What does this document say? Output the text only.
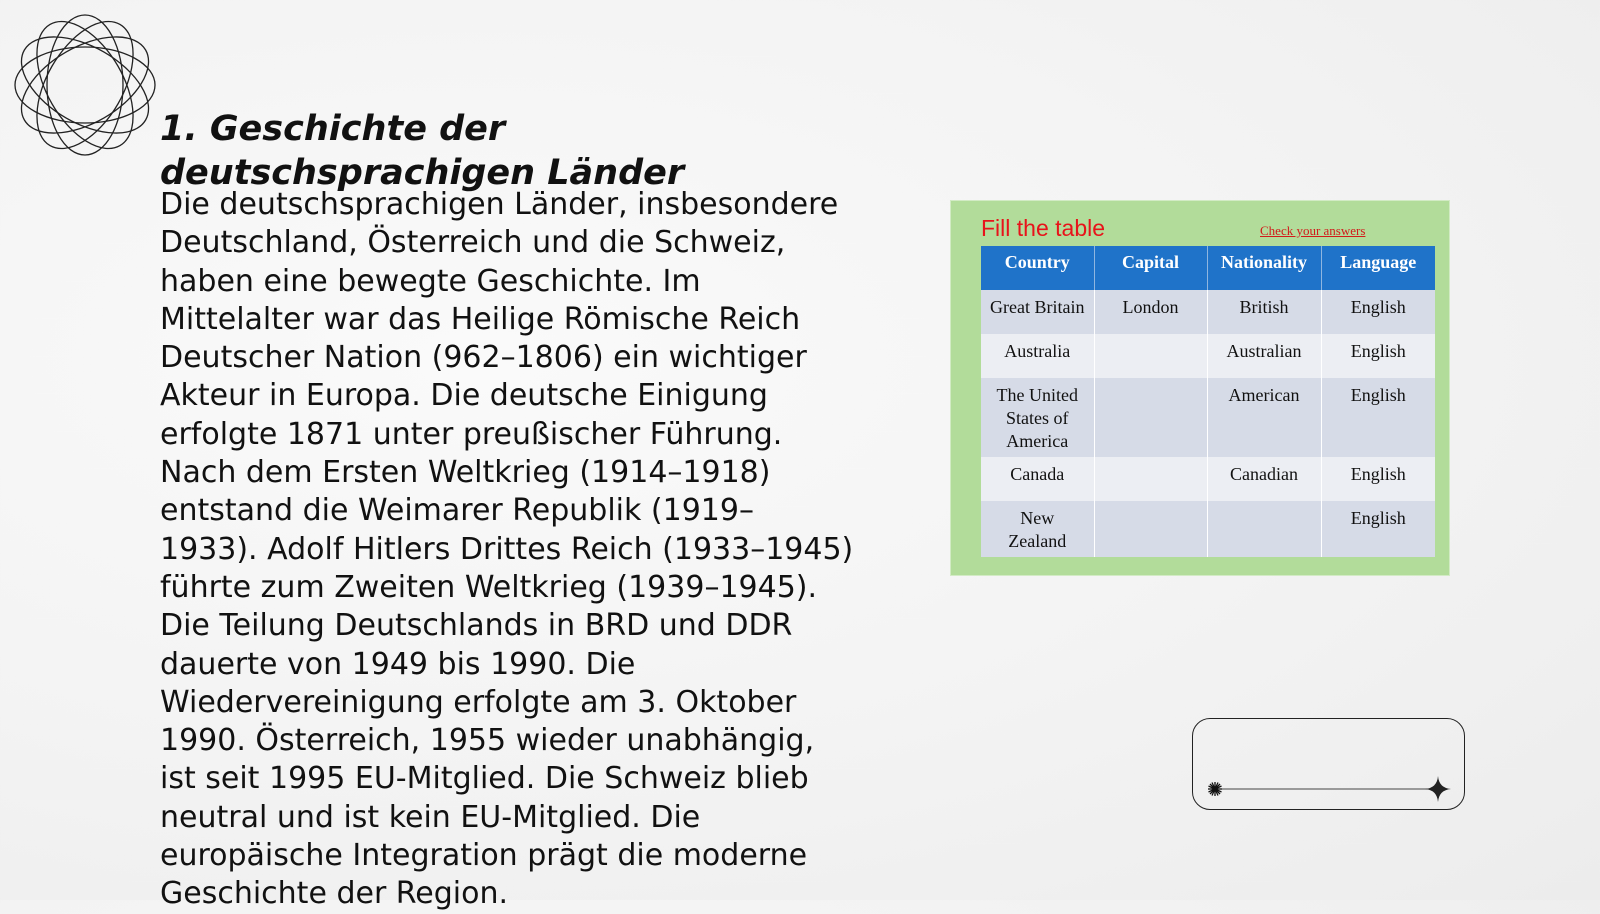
1. Geschichte der deutschsprachigen Länder

Die deutschsprachigen Länder, insbesondere
Deutschland, Österreich und die Schweiz,
haben eine bewegte Geschichte. Im
Mittelalter war das Heilige Römische Reich
Deutscher Nation (962–1806) ein wichtiger
Akteur in Europa. Die deutsche Einigung
erfolgte 1871 unter preußischer Führung.
Nach dem Ersten Weltkrieg (1914–1918)
entstand die Weimarer Republik (1919–
1933). Adolf Hitlers Drittes Reich (1933–1945)
führte zum Zweiten Weltkrieg (1939–1945).
Die Teilung Deutschlands in BRD und DDR
dauerte von 1949 bis 1990. Die
Wiedervereinigung erfolgte am 3. Oktober
1990. Österreich, 1955 wieder unabhängig,
ist seit 1995 EU-Mitglied. Die Schweiz blieb
neutral und ist kein EU-Mitglied. Die
europäische Integration prägt die moderne
Geschichte der Region.

Fill the table	Check your answers
Country	Capital	Nationality	Language
Great Britain	London	British	English
Australia		Australian	English
The United States of America		American	English
Canada		Canadian	English
New Zealand			English
